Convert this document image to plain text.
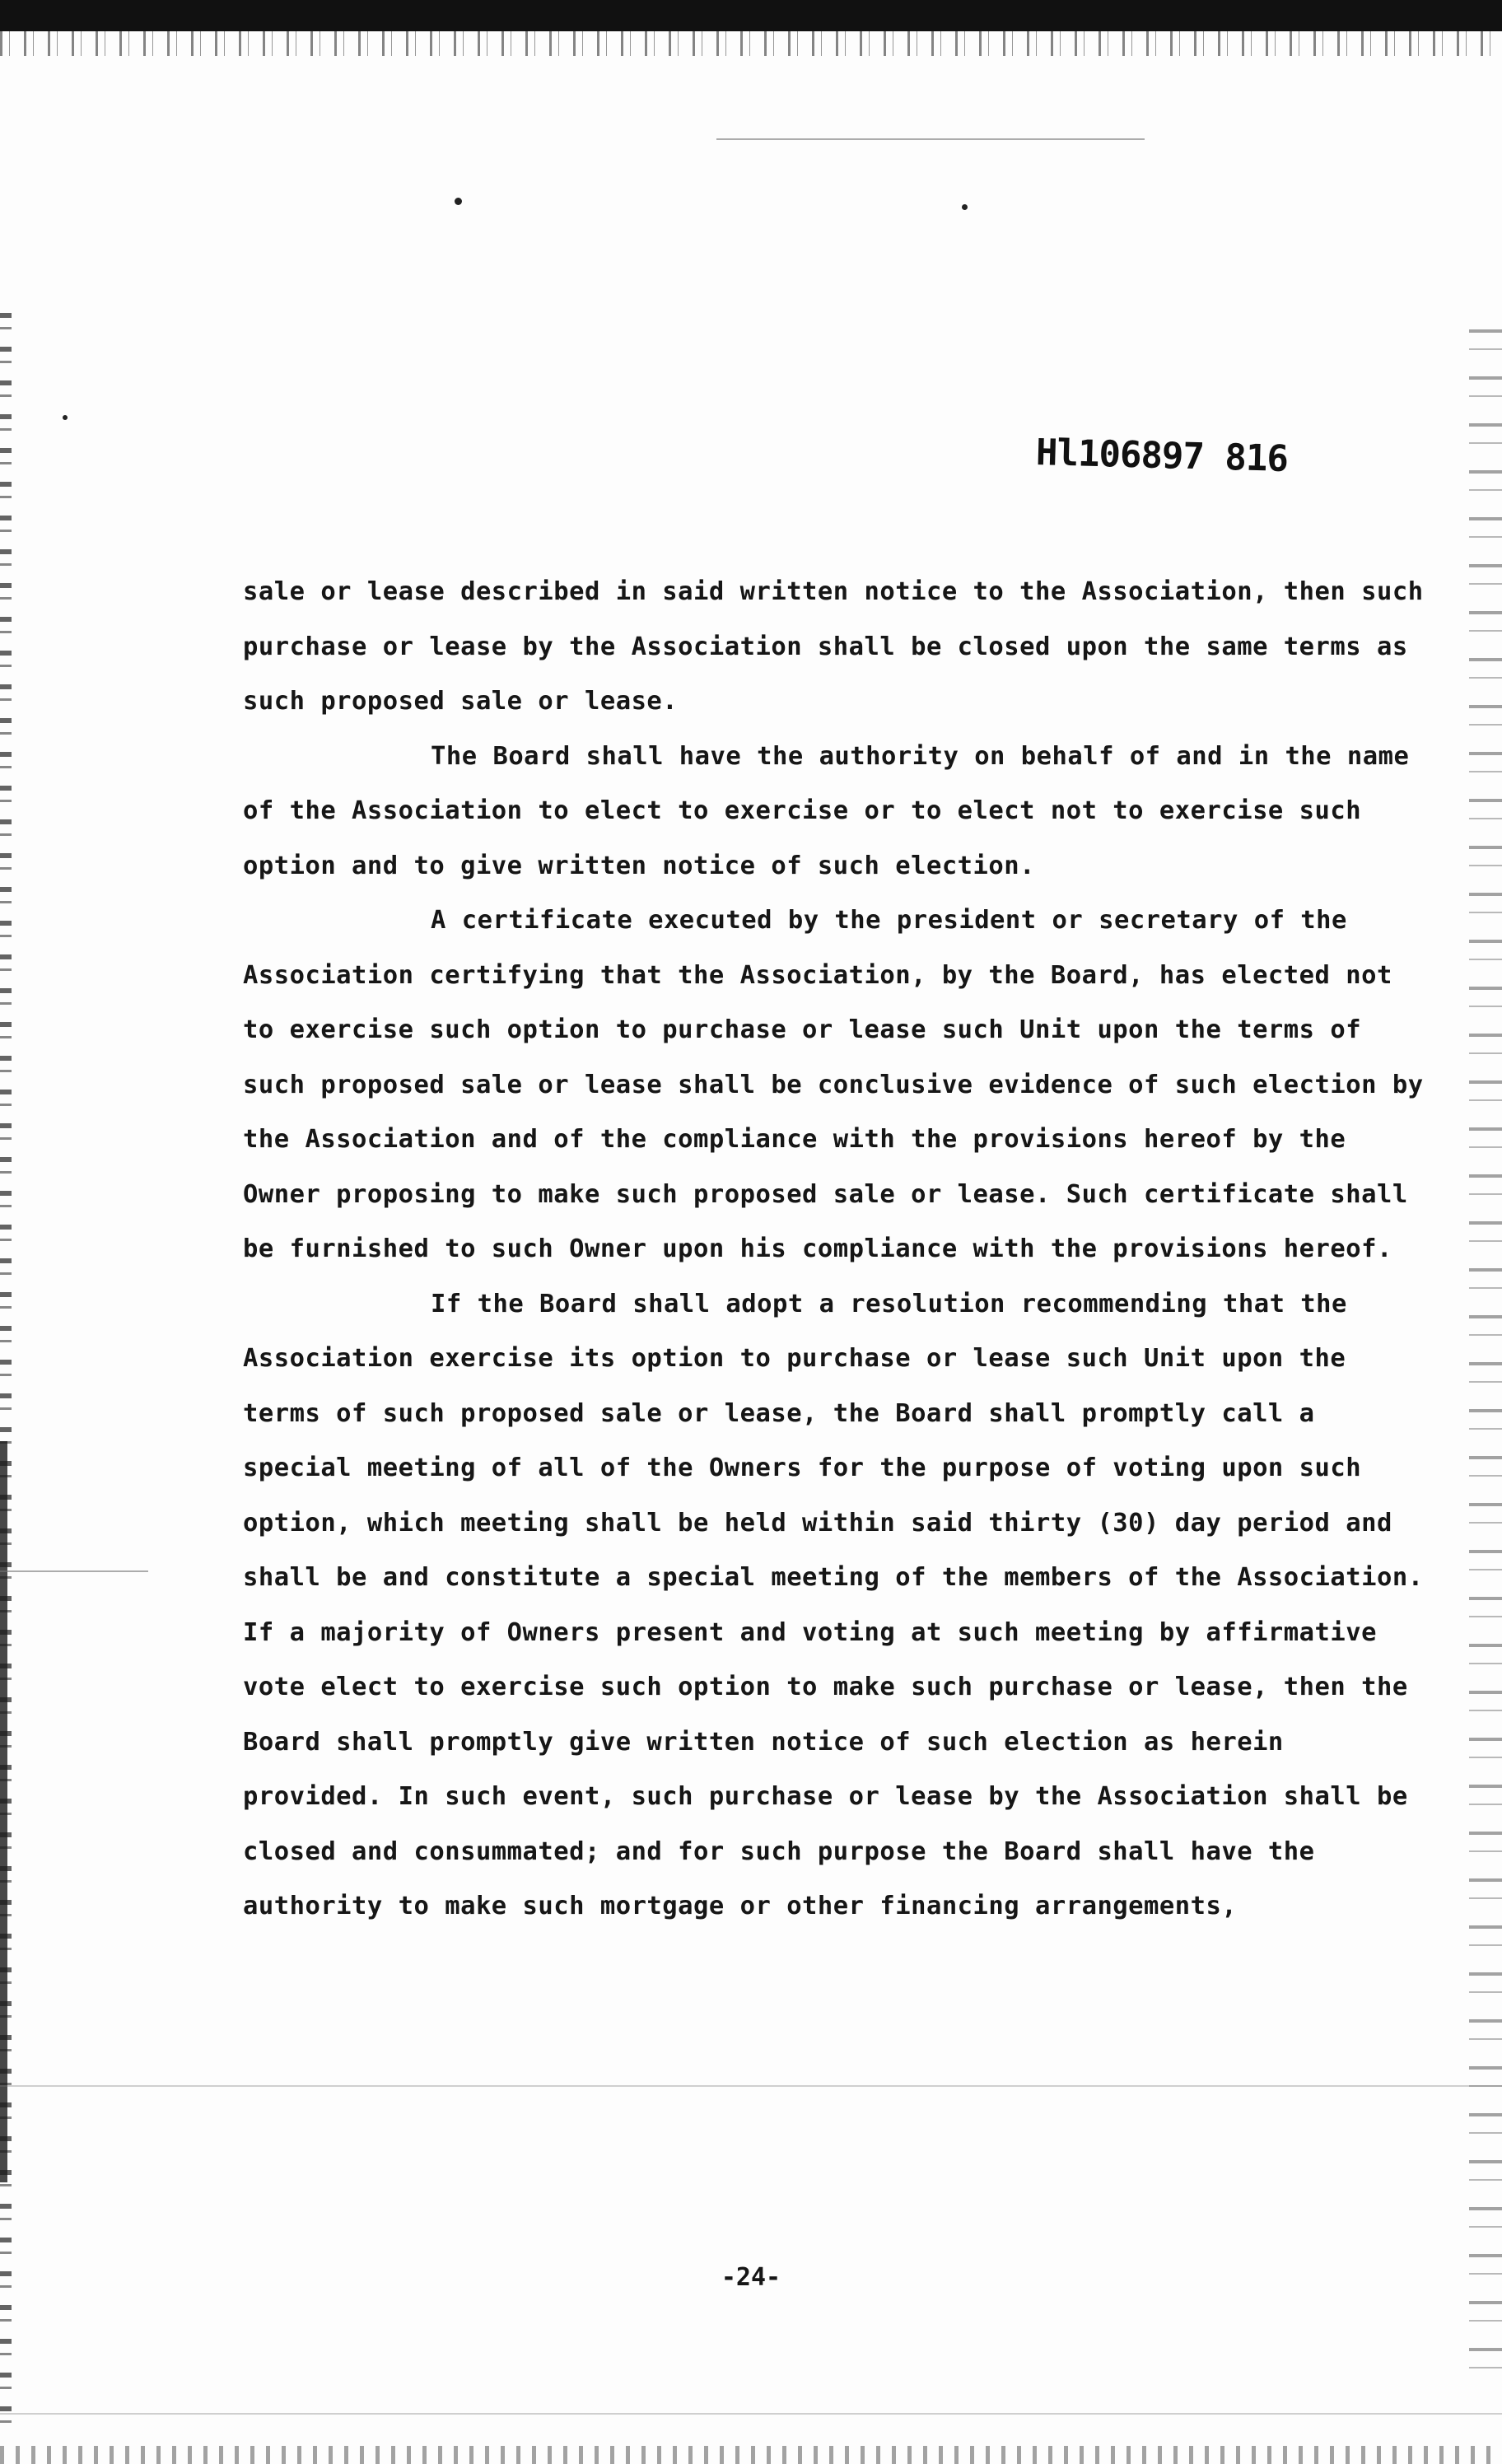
Hl106897 816

sale or lease described in said written notice to the Association, then such purchase or lease by the Association shall be closed upon the same terms as such proposed sale or lease.

The Board shall have the authority on behalf of and in the name of the Association to elect to exercise or to elect not to exercise such option and to give written notice of such election.

A certificate executed by the president or secretary of the Association certifying that the Association, by the Board, has elected not to exercise such option to purchase or lease such Unit upon the terms of such proposed sale or lease shall be conclusive evidence of such election by the Association and of the compliance with the provisions hereof by the Owner proposing to make such proposed sale or lease. Such certificate shall be furnished to such Owner upon his compliance with the provisions hereof.

If the Board shall adopt a resolution recommending that the Association exercise its option to purchase or lease such Unit upon the terms of such proposed sale or lease, the Board shall promptly call a special meeting of all of the Owners for the purpose of voting upon such option, which meeting shall be held within said thirty (30) day period and shall be and constitute a special meeting of the members of the Association. If a majority of Owners present and voting at such meeting by affirmative vote elect to exercise such option to make such purchase or lease, then the Board shall promptly give written notice of such election as herein provided. In such event, such purchase or lease by the Association shall be closed and consummated; and for such purpose the Board shall have the authority to make such mortgage or other financing arrangements,

-24-
